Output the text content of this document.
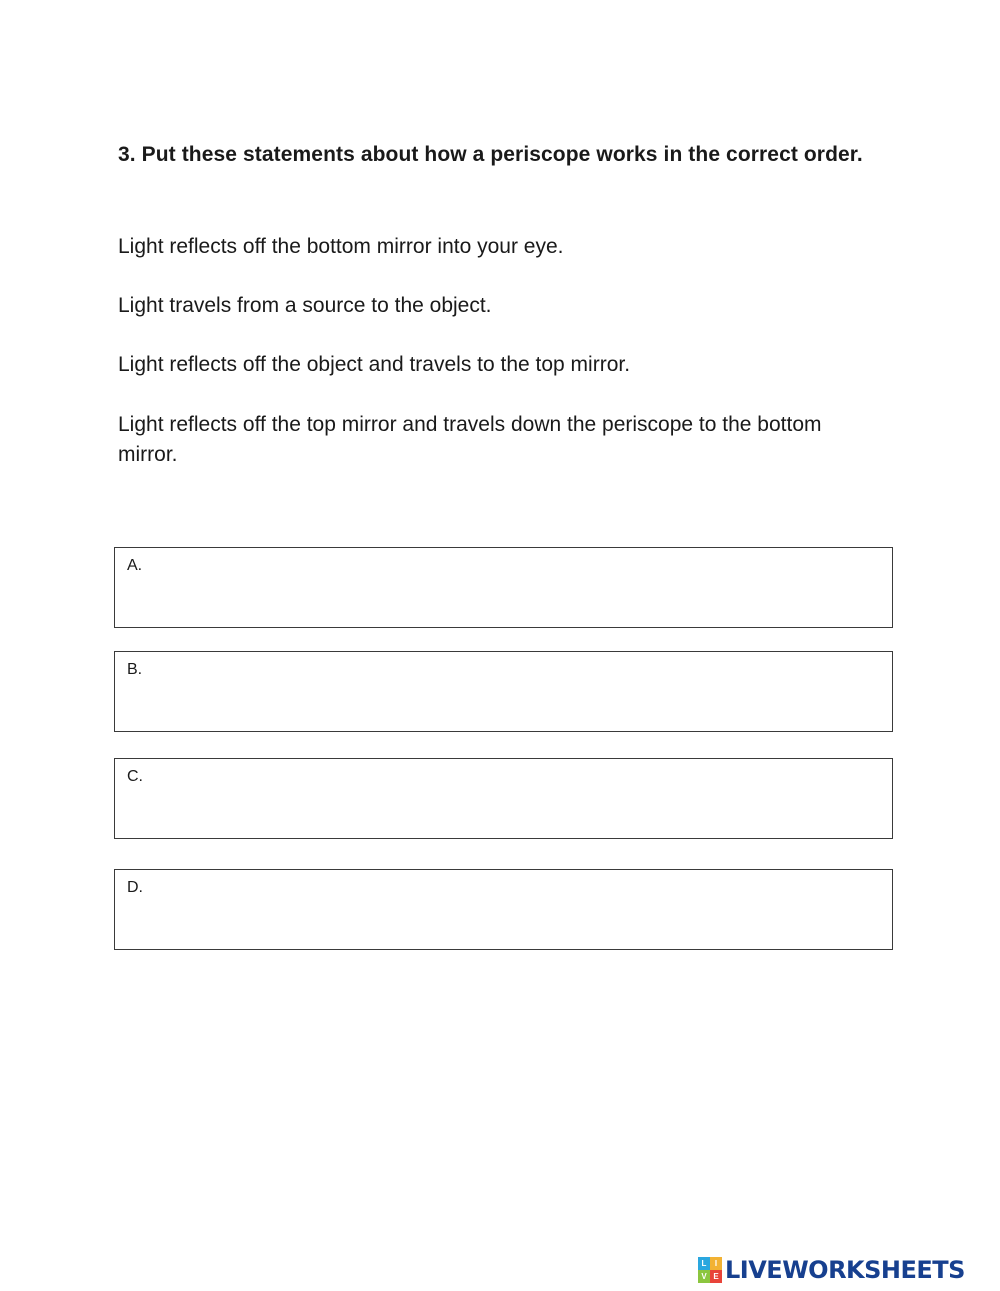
3. Put these statements about how a periscope works in the correct order.

Light reflects off the bottom mirror into your eye.

Light travels from a source to the object.

Light reflects off the object and travels to the top mirror.

Light reflects off the top mirror and travels down the periscope to the bottom mirror.

A.
B.
C.
D.
L	I
V E LIVEWORKSHEETS
